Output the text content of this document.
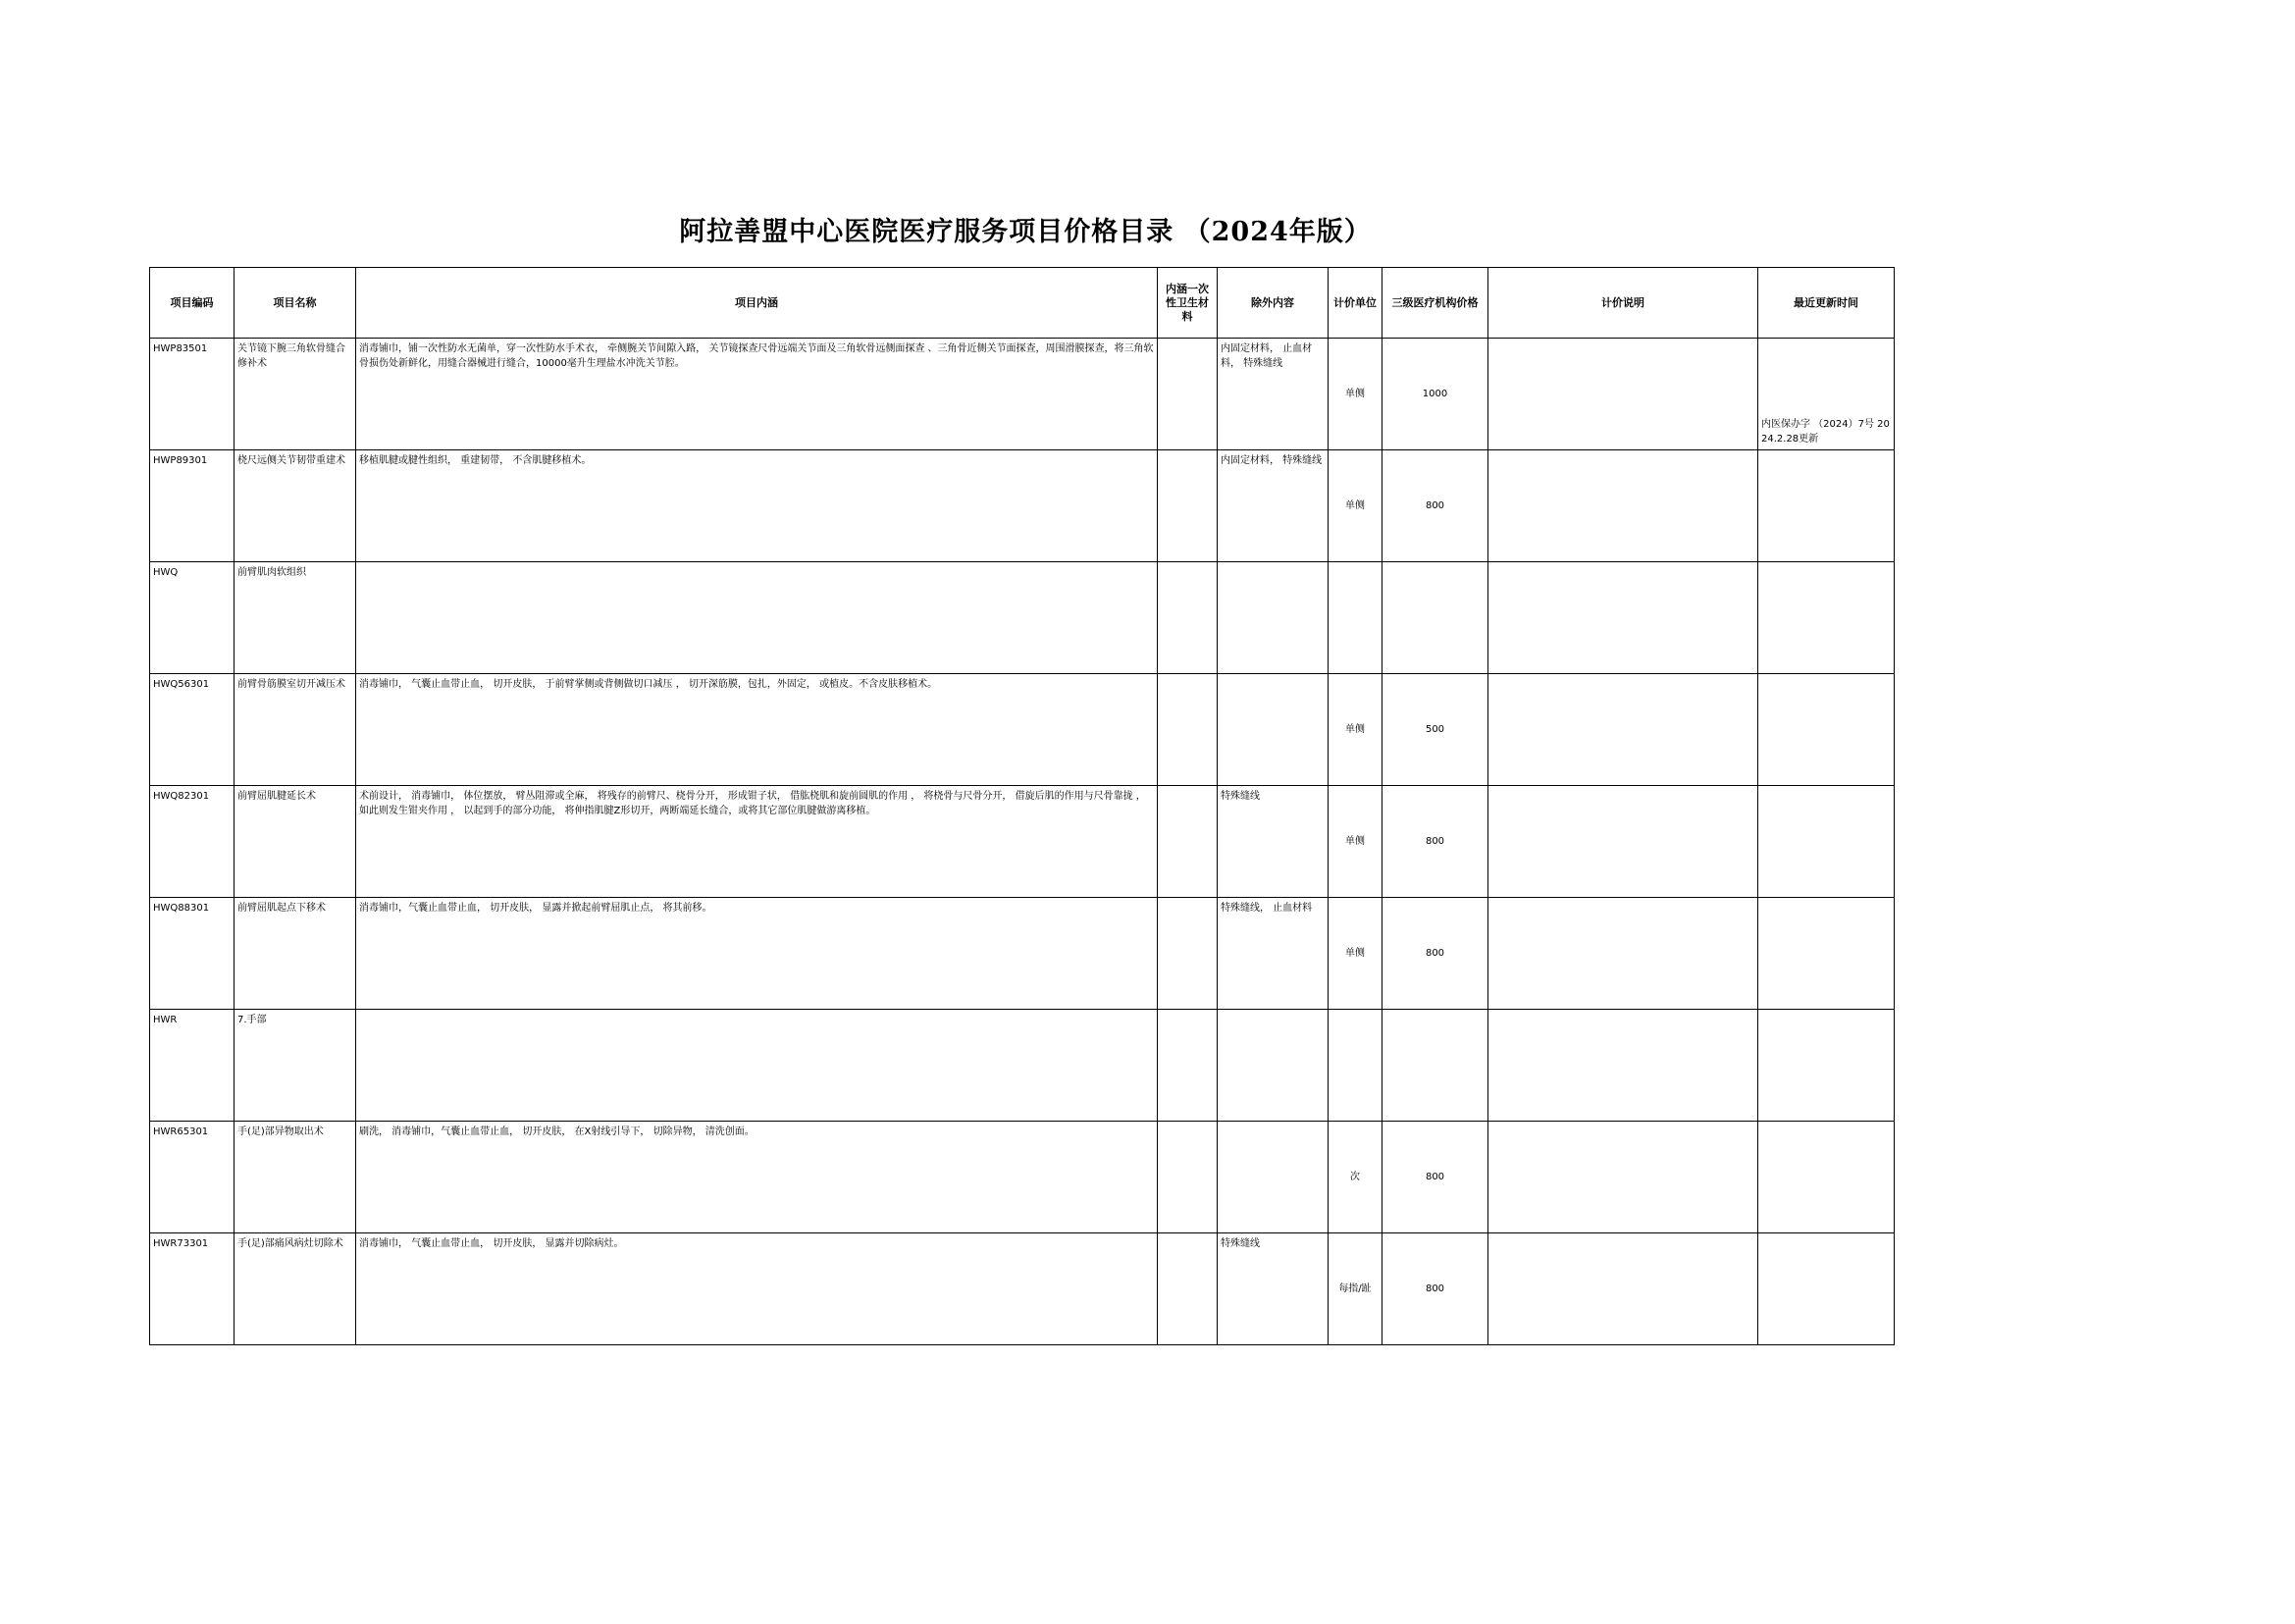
阿拉善盟中心医院医疗服务项目价格目录 （2024年版）
项目编码	项目名称	项目内涵	内涵一次性卫生材料	除外内容	计价单位	三级医疗机构价格	计价说明	最近更新时间
HWP83501	关节镜下腕三角软骨缝合修补术	消毒铺巾，铺一次性防水无菌单，穿一次性防水手术衣， 牵侧腕关节间隙入路， 关节镜探查尺骨远端关节面及三角软骨远侧面探查 、三角骨近侧关节面探查，周围滑膜探查，将三角软骨损伤处新鲜化，用缝合器械进行缝合，10000毫升生理盐水冲洗关节腔。		内固定材料， 止血材料， 特殊缝线	单侧	1000		内医保办字 （2024）7号 2024.2.28更新
HWP89301	桡尺远侧关节韧带重建术	移植肌腱或腱性组织， 重建韧带， 不含肌腱移植术。		内固定材料， 特殊缝线	单侧	800		
HWQ	前臂肌肉软组织							
HWQ56301	前臂骨筋膜室切开减压术	消毒铺巾， 气囊止血带止血， 切开皮肤， 于前臂掌侧或背侧做切口减压 ， 切开深筋膜，包扎，外固定， 或植皮。不含皮肤移植术。			单侧	500		
HWQ82301	前臂屈肌腱延长术	术前设计， 消毒铺巾， 体位摆放， 臂丛阻滞或全麻， 将残存的前臂尺、桡骨分开， 形成钳子状， 借肱桡肌和旋前圆肌的作用 ， 将桡骨与尺骨分开， 借旋后肌的作用与尺骨靠拢 ， 如此则发生钳夹作用 ， 以起到手的部分功能， 将伸指肌腱Z形切开，两断端延长缝合，或将其它部位肌腱做游离移植。		特殊缝线	单侧	800		
HWQ88301	前臂屈肌起点下移术	消毒铺巾，气囊止血带止血， 切开皮肤， 显露并掀起前臂屈肌止点， 将其前移。		特殊缝线， 止血材料	单侧	800		
HWR	7.手部							
HWR65301	手(足)部异物取出术	刷洗， 消毒铺巾，气囊止血带止血， 切开皮肤， 在X射线引导下， 切除异物， 清洗创面。			次	800		
HWR73301	手(足)部痛风病灶切除术	消毒铺巾， 气囊止血带止血， 切开皮肤， 显露并切除病灶。		特殊缝线	每指/趾	800		
